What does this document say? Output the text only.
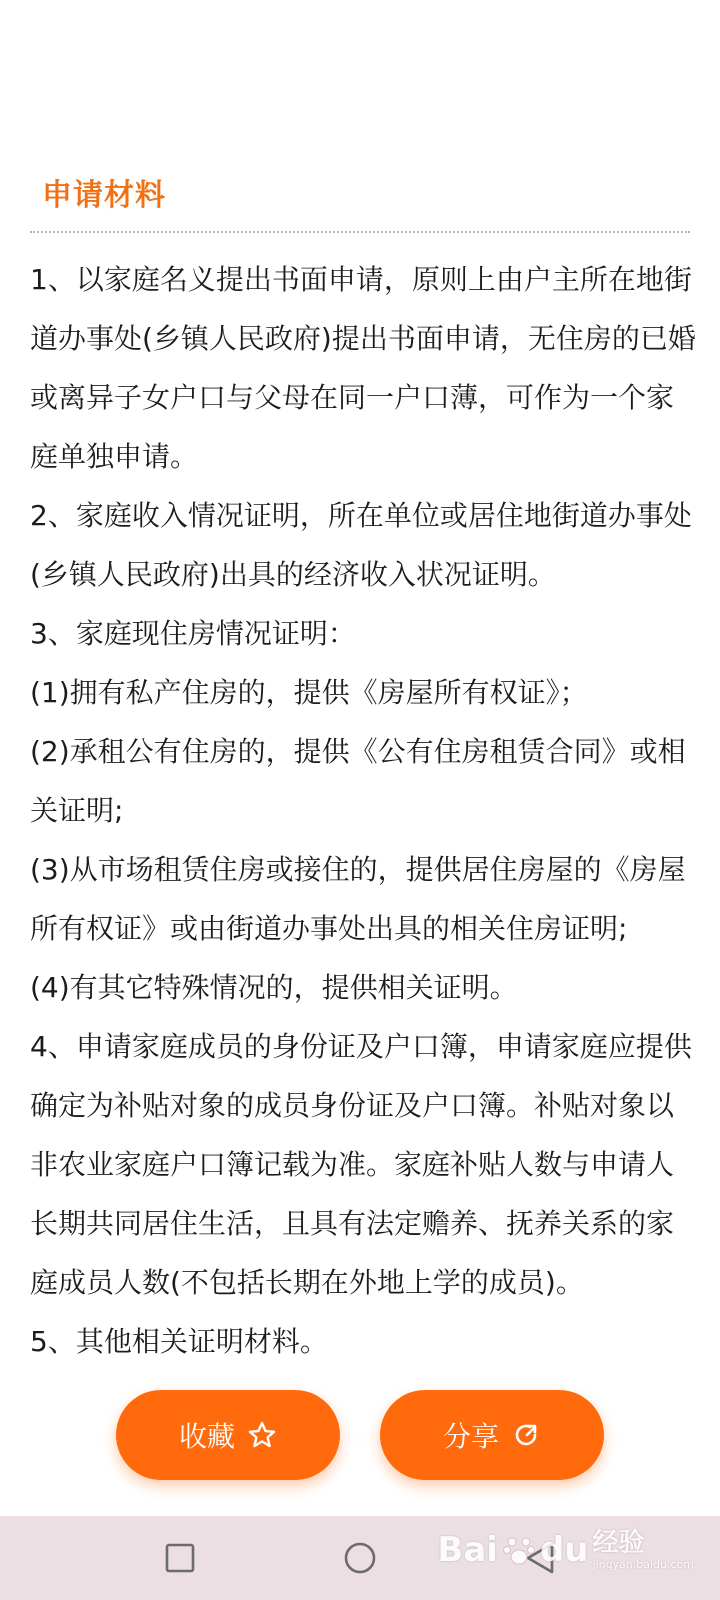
申请材料

1、以家庭名义提出书面申请，原则上由户主所在地街道办事处(乡镇人民政府)提出书面申请，无住房的已婚或离异子女户口与父母在同一户口薄，可作为一个家庭单独申请。

2、家庭收入情况证明，所在单位或居住地街道办事处(乡镇人民政府)出具的经济收入状况证明。

3、家庭现住房情况证明：

(1)拥有私产住房的，提供《房屋所有权证》；

(2)承租公有住房的，提供《公有住房租赁合同》或相关证明;

(3)从市场租赁住房或接住的，提供居住房屋的《房屋所有权证》或由街道办事处出具的相关住房证明;

(4)有其它特殊情况的，提供相关证明。

4、申请家庭成员的身份证及户口簿，申请家庭应提供确定为补贴对象的成员身份证及户口簿。补贴对象以非农业家庭户口簿记载为准。家庭补贴人数与申请人长期共同居住生活，且具有法定赡养、抚养关系的家庭成员人数(不包括长期在外地上学的成员)。

5、其他相关证明材料。

收藏	分享
Bai du 经验
jingyan.baidu.com
